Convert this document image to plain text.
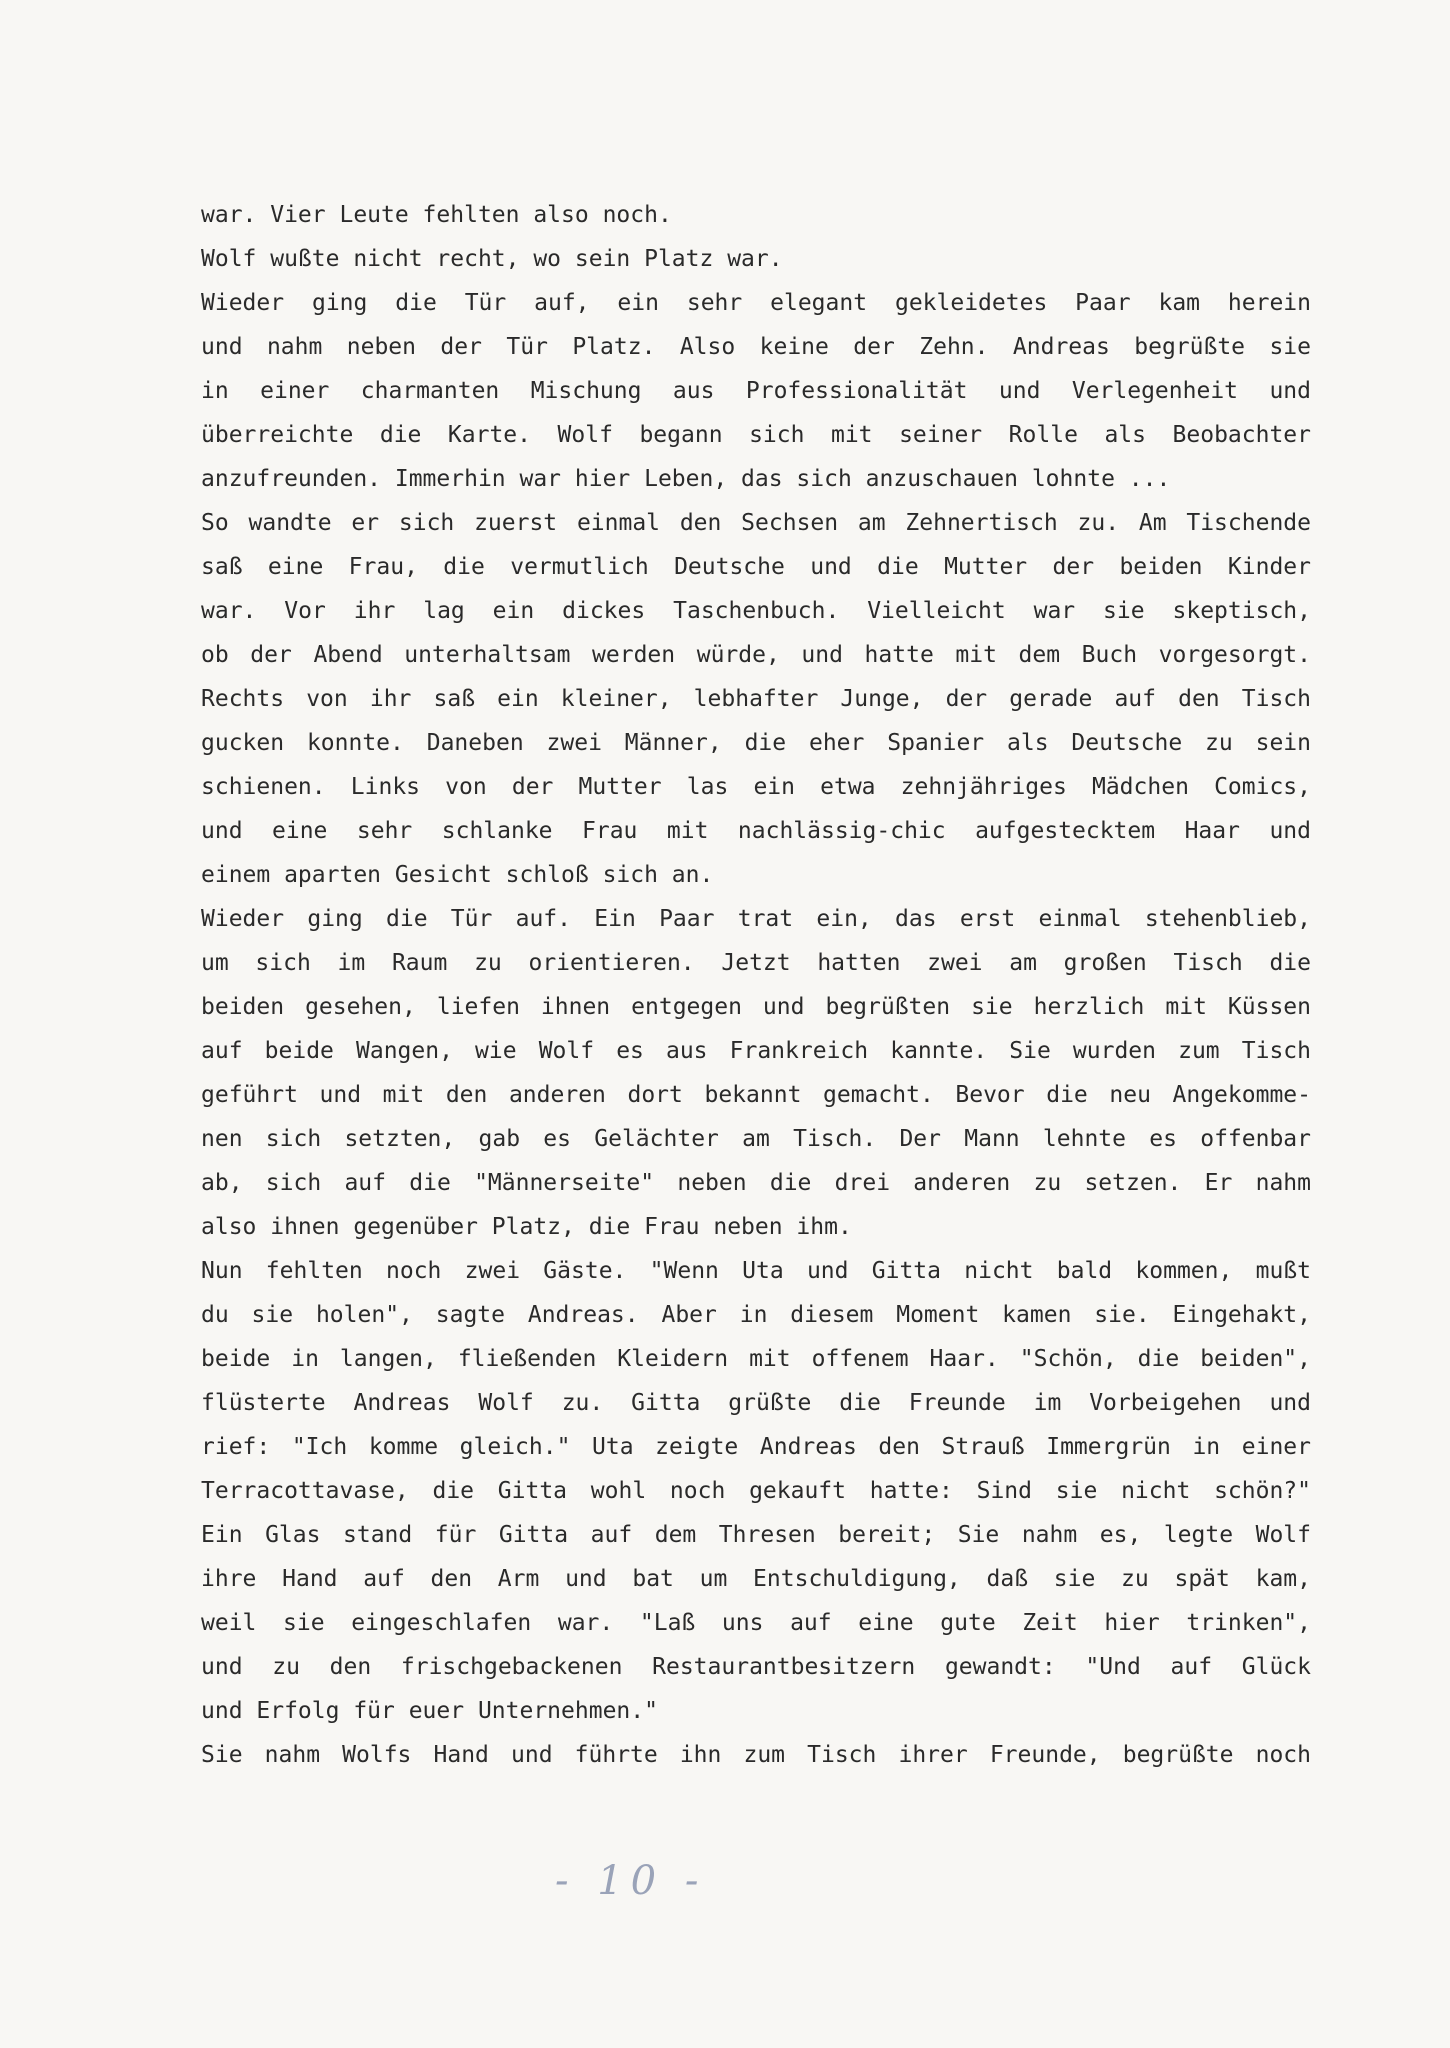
war. Vier Leute fehlten also noch.
Wolf wußte nicht recht, wo sein Platz war.
Wieder ging die Tür auf, ein sehr elegant gekleidetes Paar kam herein
und nahm neben der Tür Platz. Also keine der Zehn. Andreas begrüßte sie
in einer charmanten Mischung aus Professionalität und Verlegenheit und
überreichte die Karte. Wolf begann sich mit seiner Rolle als Beobachter
anzufreunden. Immerhin war hier Leben, das sich anzuschauen lohnte ...
So wandte er sich zuerst einmal den Sechsen am Zehnertisch zu. Am Tischende
saß eine Frau, die vermutlich Deutsche und die Mutter der beiden Kinder
war. Vor ihr lag ein dickes Taschenbuch. Vielleicht war sie skeptisch,
ob der Abend unterhaltsam werden würde, und hatte mit dem Buch vorgesorgt.
Rechts von ihr saß ein kleiner, lebhafter Junge, der gerade auf den Tisch
gucken konnte. Daneben zwei Männer, die eher Spanier als Deutsche zu sein
schienen. Links von der Mutter las ein etwa zehnjähriges Mädchen Comics,
und eine sehr schlanke Frau mit nachlässig-chic aufgestecktem Haar und
einem aparten Gesicht schloß sich an.
Wieder ging die Tür auf. Ein Paar trat ein, das erst einmal stehenblieb,
um sich im Raum zu orientieren. Jetzt hatten zwei am großen Tisch die
beiden gesehen, liefen ihnen entgegen und begrüßten sie herzlich mit Küssen
auf beide Wangen, wie Wolf es aus Frankreich kannte. Sie wurden zum Tisch
geführt und mit den anderen dort bekannt gemacht. Bevor die neu Angekomme-
nen sich setzten, gab es Gelächter am Tisch. Der Mann lehnte es offenbar
ab, sich auf die "Männerseite" neben die drei anderen zu setzen. Er nahm
also ihnen gegenüber Platz, die Frau neben ihm.
Nun fehlten noch zwei Gäste. "Wenn Uta und Gitta nicht bald kommen, mußt
du sie holen", sagte Andreas. Aber in diesem Moment kamen sie. Eingehakt,
beide in langen, fließenden Kleidern mit offenem Haar. "Schön, die beiden",
flüsterte Andreas Wolf zu. Gitta grüßte die Freunde im Vorbeigehen und
rief: "Ich komme gleich." Uta zeigte Andreas den Strauß Immergrün in einer
Terracottavase, die Gitta wohl noch gekauft hatte: Sind sie nicht schön?"
Ein Glas stand für Gitta auf dem Thresen bereit; Sie nahm es, legte Wolf
ihre Hand auf den Arm und bat um Entschuldigung, daß sie zu spät kam,
weil sie eingeschlafen war. "Laß uns auf eine gute Zeit hier trinken",
und zu den frischgebackenen Restaurantbesitzern gewandt: "Und auf Glück
und Erfolg für euer Unternehmen."
Sie nahm Wolfs Hand und führte ihn zum Tisch ihrer Freunde, begrüßte noch
- 10 -
